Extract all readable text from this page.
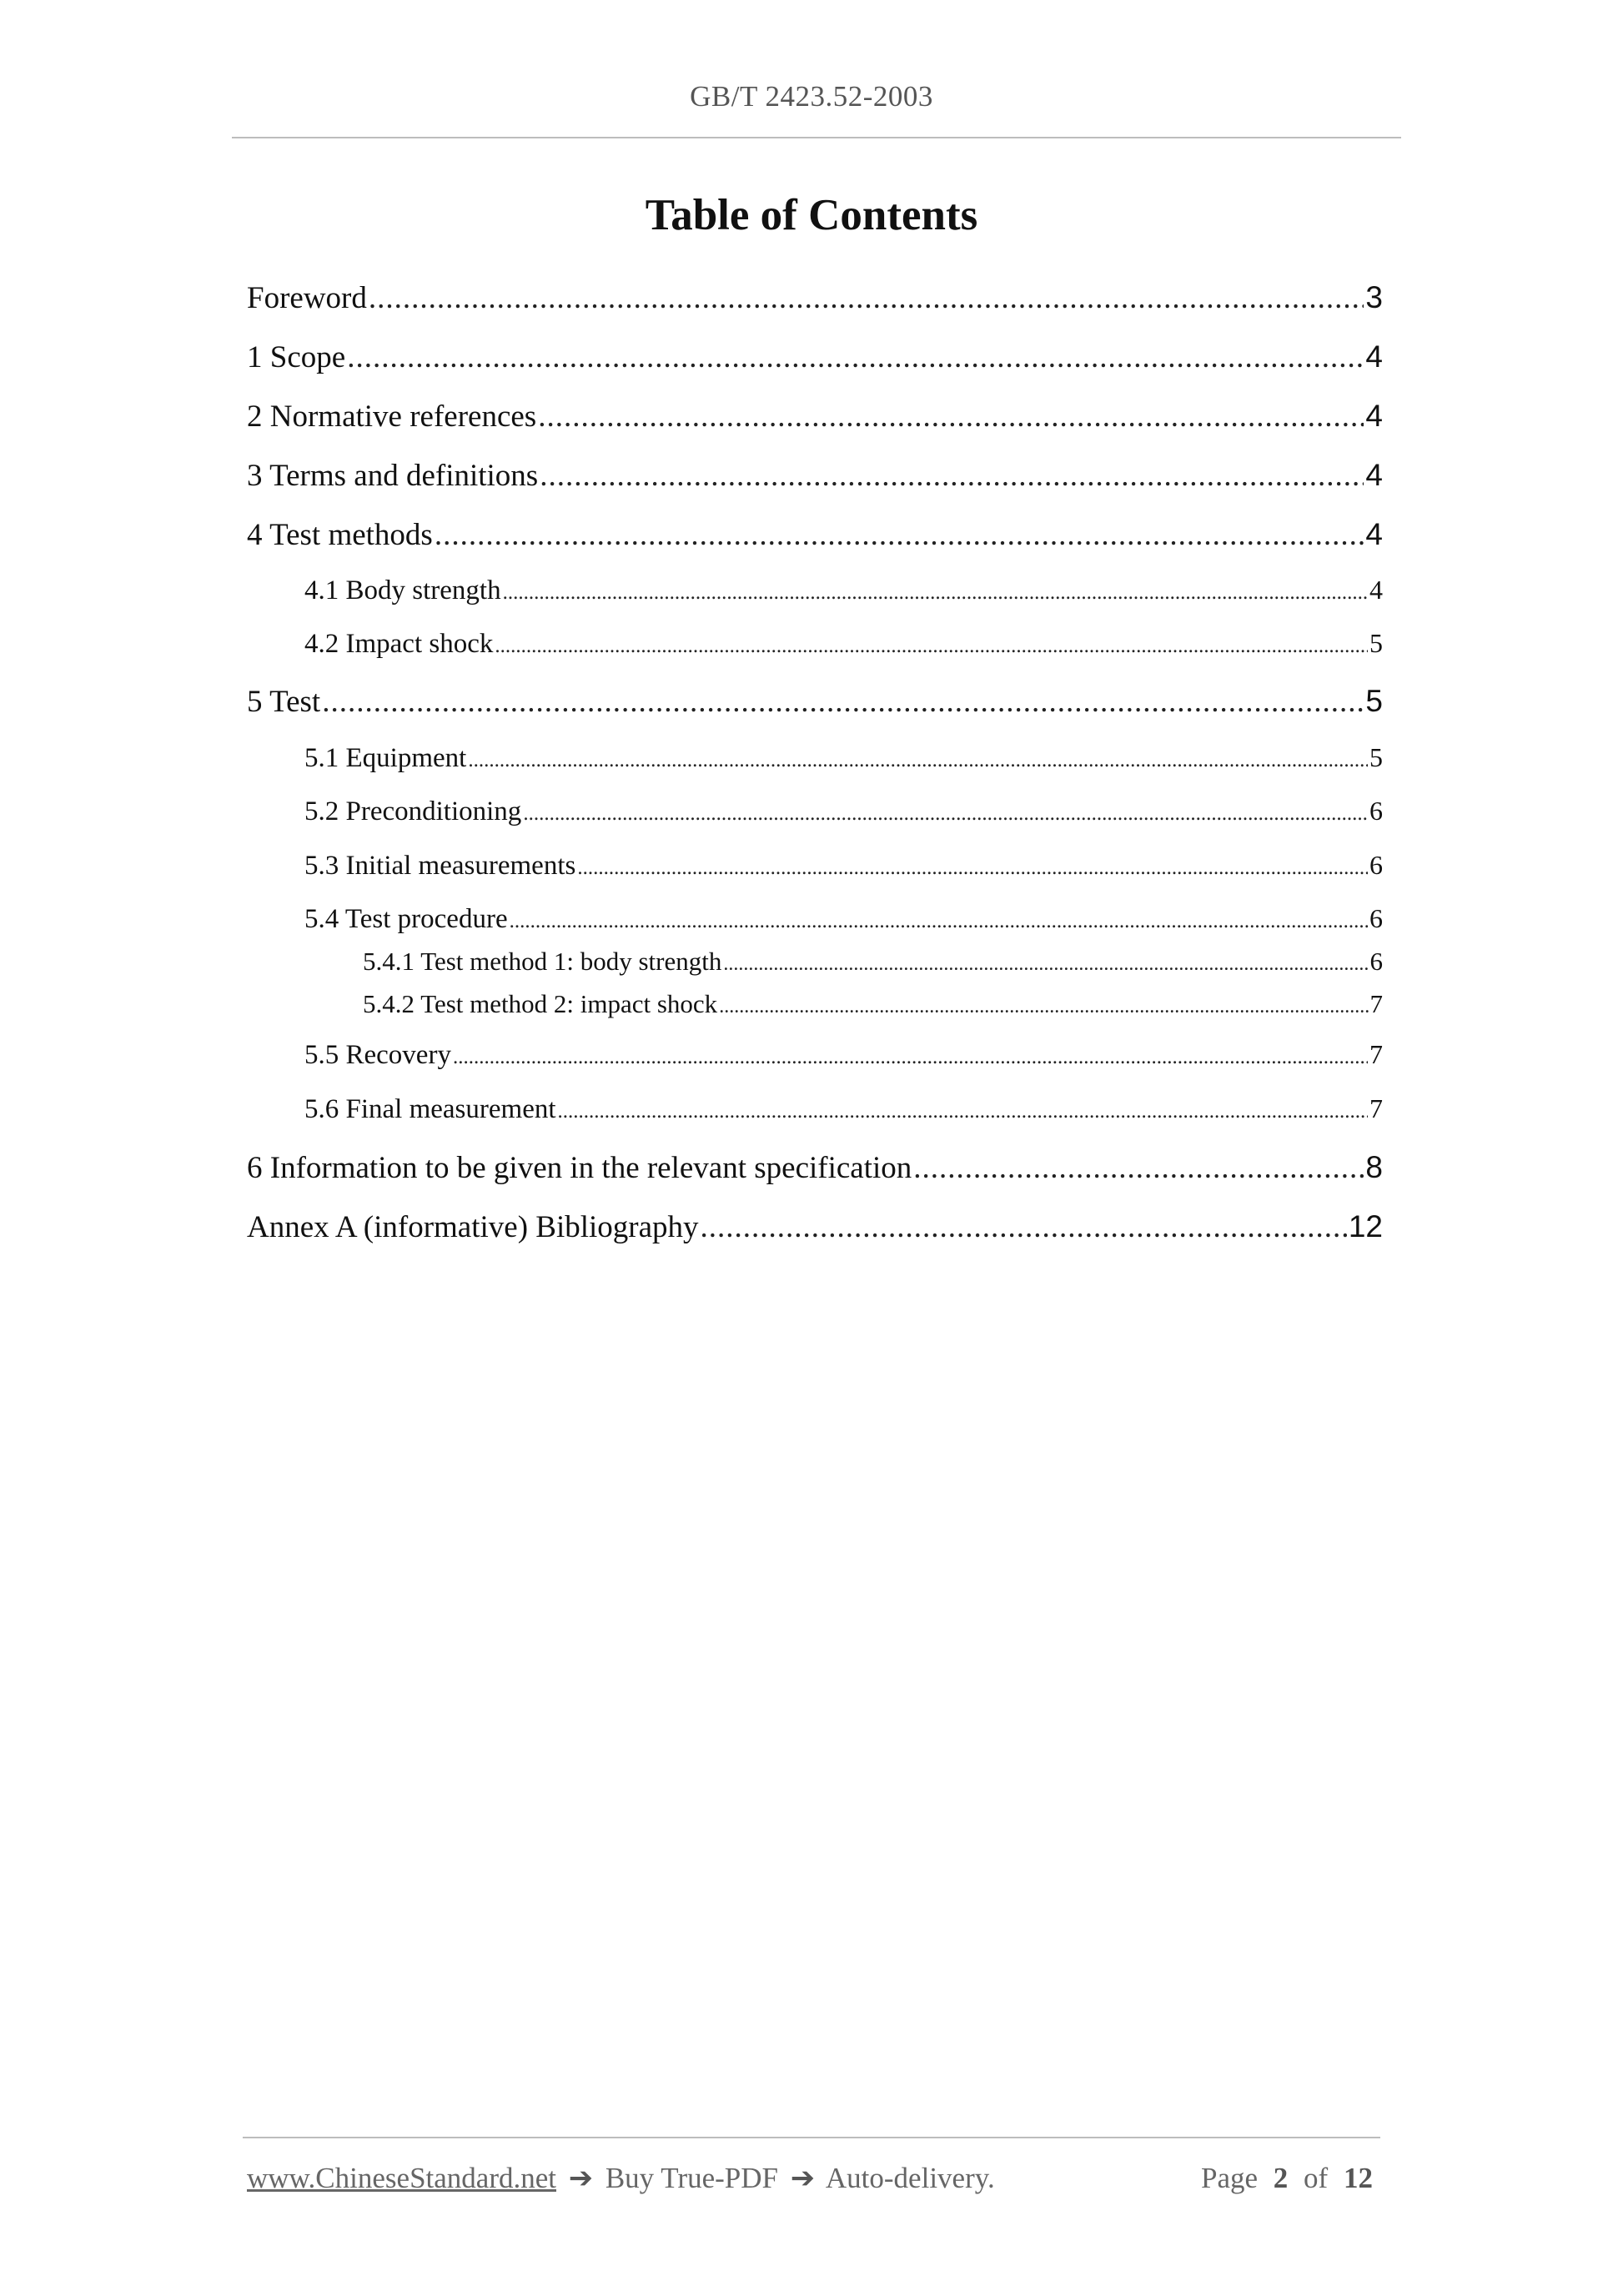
GB/T 2423.52-2003
Table of Contents
Foreword .....	3
1 Scope .....	4
2 Normative references .....	4
3 Terms and definitions .....	4
4 Test methods .....	4
4.1 Body strength .....	4
4.2 Impact shock .....	5
5 Test .....	5
5.1 Equipment .....	5
5.2 Preconditioning .....	6
5.3 Initial measurements .....	6
5.4 Test procedure .....	6
5.4.1 Test method 1: body strength .....	6
5.4.2 Test method 2: impact shock .....	7
5.5 Recovery .....	7
5.6 Final measurement .....	7
6 Information to be given in the relevant specification .....	8
Annex A (informative) Bibliography .....	12
www.ChineseStandard.net ➔ Buy True-PDF ➔ Auto-delivery.	Page 2 of 12
